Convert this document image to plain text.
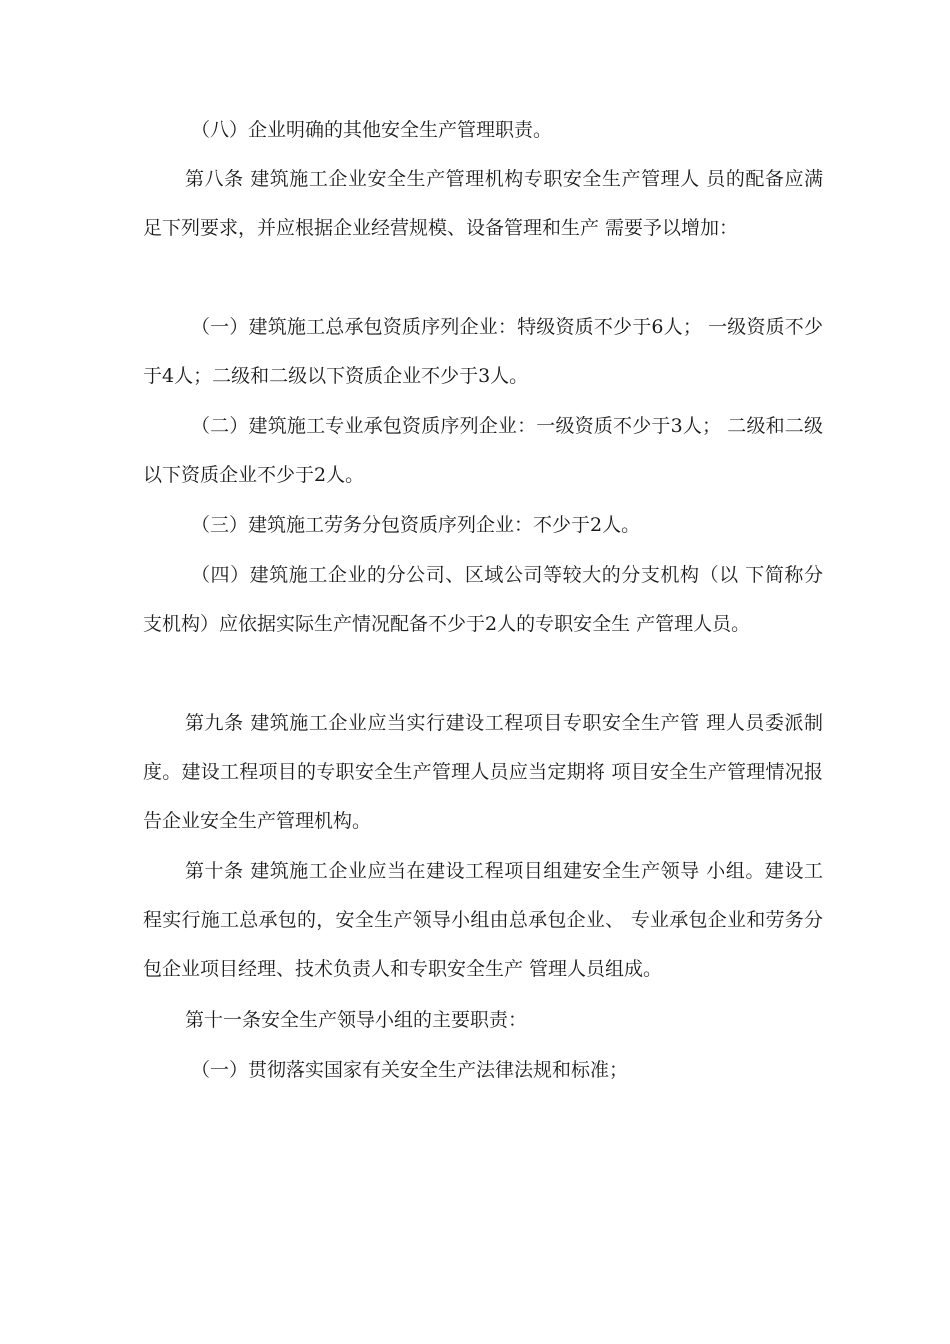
（八）企业明确的其他安全生产管理职责。

第八条 建筑施工企业安全生产管理机构专职安全生产管理人 员的配备应满足下列要求，并应根据企业经营规模、设备管理和生产 需要予以增加：

（一）建筑施工总承包资质序列企业：特级资质不少于6人； 一级资质不少于4人；二级和二级以下资质企业不少于3人。

（二）建筑施工专业承包资质序列企业：一级资质不少于3人； 二级和二级以下资质企业不少于2人。

（三）建筑施工劳务分包资质序列企业：不少于2人。

（四）建筑施工企业的分公司、区域公司等较大的分支机构（以 下简称分支机构）应依据实际生产情况配备不少于2人的专职安全生 产管理人员。

第九条 建筑施工企业应当实行建设工程项目专职安全生产管 理人员委派制度。建设工程项目的专职安全生产管理人员应当定期将 项目安全生产管理情况报告企业安全生产管理机构。

第十条 建筑施工企业应当在建设工程项目组建安全生产领导 小组。建设工程实行施工总承包的，安全生产领导小组由总承包企业、 专业承包企业和劳务分包企业项目经理、技术负责人和专职安全生产 管理人员组成。

第十一条安全生产领导小组的主要职责：

（一）贯彻落实国家有关安全生产法律法规和标准；
